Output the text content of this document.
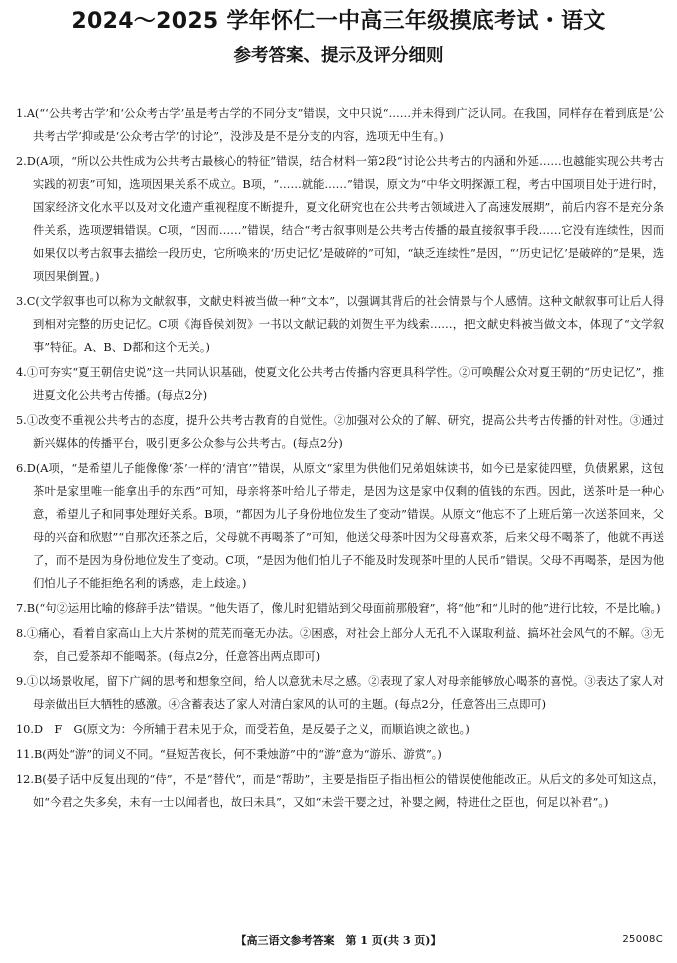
2024～2025 学年怀仁一中高三年级摸底考试・语文
参考答案、提示及评分细则

1.A(“‘公共考古学’和‘公众考古学’虽是考古学的不同分支”错误，文中只说“……并未得到广泛认同。在我国，同样存在着到底是‘公共考古学’抑或是‘公众考古学’的讨论”，没涉及是不是分支的内容，选项无中生有。)

2.D(A项，“所以公共性成为公共考古最核心的特征”错误，结合材料一第2段“讨论公共考古的内涵和外延……也越能实现公共考古实践的初衷”可知，选项因果关系不成立。B项，“……就能……”错误，原文为“中华文明探源工程，考古中国项目处于进行时，国家经济文化水平以及对文化遗产重视程度不断提升，夏文化研究也在公共考古领域进入了高速发展期”，前后内容不是充分条件关系，选项逻辑错误。C项，“因而……”错误，结合“考古叙事则是公共考古传播的最直接叙事手段……它没有连续性，因而如果仅以考古叙事去描绘一段历史，它所唤来的‘历史记忆’是破碎的”可知，“缺乏连续性”是因，“‘历史记忆’是破碎的”是果，选项因果倒置。)

3.C(文学叙事也可以称为文献叙事，文献史料被当做一种“文本”，以强调其背后的社会情景与个人感情。这种文献叙事可让后人得到相对完整的历史记忆。C项《海昏侯刘贺》一书以文献记载的刘贺生平为线索……，把文献史料被当做文本，体现了“文学叙事”特征。A、B、D都和这个无关。)

4.①可夯实“夏王朝信史说”这一共同认识基础，使夏文化公共考古传播内容更具科学性。②可唤醒公众对夏王朝的“历史记忆”，推进夏文化公共考古传播。(每点2分)

5.①改变不重视公共考古的态度，提升公共考古教育的自觉性。②加强对公众的了解、研究，提高公共考古传播的针对性。③通过新兴媒体的传播平台，吸引更多公众参与公共考古。(每点2分)

6.D(A项，“是希望儿子能像像‘茶’一样的‘清官’”错误，从原文“家里为供他们兄弟姐妹读书，如今已是家徒四壁，负债累累，这包茶叶是家里唯一能拿出手的东西”可知，母亲将茶叶给儿子带走，是因为这是家中仅剩的值钱的东西。因此，送茶叶是一种心意，希望儿子和同事处理好关系。B项，“都因为儿子身份地位发生了变动”错误。从原文“他忘不了上班后第一次送茶回来，父母的兴奋和欣慰”“自那次还茶之后，父母就不再喝茶了”可知，他送父母茶叶因为父母喜欢茶，后来父母不喝茶了，他就不再送了，而不是因为身份地位发生了变动。C项，“是因为他们怕儿子不能及时发现茶叶里的人民币”错误。父母不再喝茶，是因为他们怕儿子不能拒绝名利的诱惑，走上歧途。)

7.B(“句②运用比喻的修辞手法”错误。“他失语了，像儿时犯错站到父母面前那般窘”，将“他”和“儿时的他”进行比较，不是比喻。)

8.①痛心，看着自家高山上大片茶树的荒芜而毫无办法。②困惑，对社会上部分人无孔不入谋取利益、搞坏社会风气的不解。③无奈，自己爱茶却不能喝茶。(每点2分，任意答出两点即可)

9.①以场景收尾，留下广阔的思考和想象空间，给人以意犹未尽之感。②表现了家人对母亲能够放心喝茶的喜悦。③表达了家人对母亲做出巨大牺牲的感激。④含蓄表达了家人对清白家风的认可的主题。(每点2分，任意答出三点即可)

10.D　F　G(原文为：今所辅于君未见于众，而受若鱼，是反晏子之义，而顺谄谀之欲也。)

11.B(两处“游”的词义不同。“昼短苦夜长，何不秉烛游”中的“游”意为“游乐、游赏”。)

12.B(晏子话中反复出现的“侍”，不是“替代”，而是“帮助”，主要是指臣子指出桓公的错误使他能改正。从后文的多处可知这点，如“今君之失多矣，未有一士以闻者也，故曰未具”，又如“未尝干婴之过，补婴之阙，特进仕之臣也，何足以补君”。)

【高三语文参考答案　第 1 页(共 3 页)】	25008C
